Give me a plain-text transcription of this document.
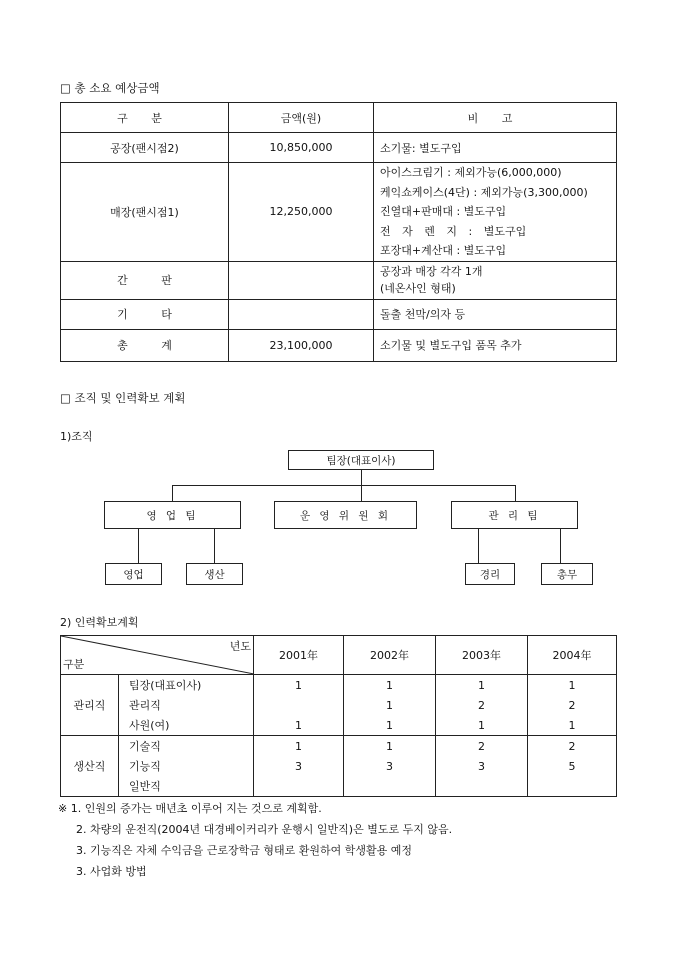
□ 총 소요 예상금액
구 분	금액(원)	비 고
공장(팬시점2)	10,850,000	소기물: 별도구입
매장(팬시점1)	12,250,000	아이스크림기 : 제외가능(6,000,000)
케익쇼케이스(4단) : 제외가능(3,300,000)
진열대+판매대 : 별도구입
전 자 렌 지 : 별도구입
포장대+계산대 : 별도구입

간 판		공장과 매장 각각 1개
(네온사인 형태)

기 타		돌출 천막/의자 등
총 계	23,100,000	소기물 및 별도구입 품목 추가
□ 조직 및 인력확보 계획
1)조직
팀장(대표이사)
영 업 팀	운 영 위 원 회	관 리 팀
영업	생산	경리	총무
2) 인력확보계획
년도
구분		2001年	2002年	2003年	2004年
관리직	팀장(대표이사)	1	1	1	1
	관리직		1	2	2
	사원(여)	1	1	1	1
생산직	기술직	1	1	2	2
	기능직	3	3	3	5
	일반직				
※ 1. 인원의 증가는 매년초 이루어 지는 것으로 계획함.
2. 차량의 운전직(2004년 대경베이커리카 운행시 일반직)은 별도로 두지 않음.
3. 기능직은 자체 수익금을 근로장학금 형태로 환원하여 학생활용 예정
3. 사업화 방법
